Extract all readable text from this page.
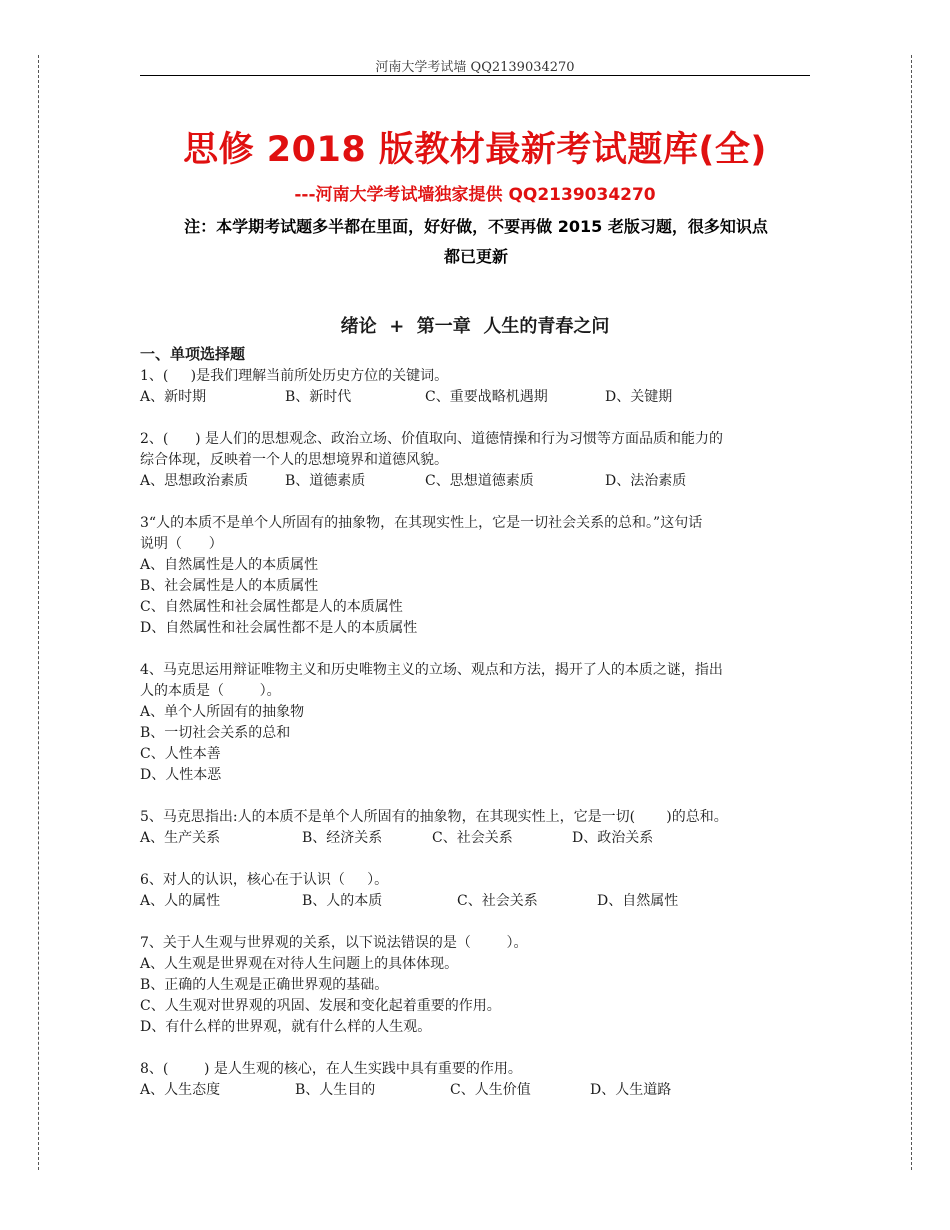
河南大学考试墙 QQ2139034270
思修 2018 版教材最新考试题库(全)
---河南大学考试墙独家提供 QQ2139034270
注：本学期考试题多半都在里面，好好做，不要再做 2015 老版习题，很多知识点
都已更新
绪论  +  第一章  人生的青春之问
一、单项选择题
1、(     )是我们理解当前所处历史方位的关键词。
A、新时期	B、新时代	C、重要战略机遇期	D、关键期
2、(      ) 是人们的思想观念、政治立场、价值取向、道德情操和行为习惯等方面品质和能力的
综合体现，反映着一个人的思想境界和道德风貌。
A、思想政治素质	B、道德素质	C、思想道德素质	D、法治素质
3“人的本质不是单个人所固有的抽象物，在其现实性上，它是一切社会关系的总和。”这句话
说明（      ）
A、自然属性是人的本质属性
B、社会属性是人的本质属性
C、自然属性和社会属性都是人的本质属性
D、自然属性和社会属性都不是人的本质属性
4、马克思运用辩证唯物主义和历史唯物主义的立场、观点和方法，揭开了人的本质之谜，指出
人的本质是（        ）。
A、单个人所固有的抽象物
B、一切社会关系的总和
C、人性本善
D、人性本恶
5、马克思指出:人的本质不是单个人所固有的抽象物，在其现实性上，它是一切(       )的总和。
A、生产关系	B、经济关系	C、社会关系	D、政治关系
6、对人的认识，核心在于认识（     ）。
A、人的属性	B、人的本质	C、社会关系	D、自然属性
7、关于人生观与世界观的关系，以下说法错误的是（        ）。
A、人生观是世界观在对待人生问题上的具体体现。
B、正确的人生观是正确世界观的基础。
C、人生观对世界观的巩固、发展和变化起着重要的作用。
D、有什么样的世界观，就有什么样的人生观。
8、(        ) 是人生观的核心，在人生实践中具有重要的作用。
A、人生态度	B、人生目的	C、人生价值	D、人生道路
